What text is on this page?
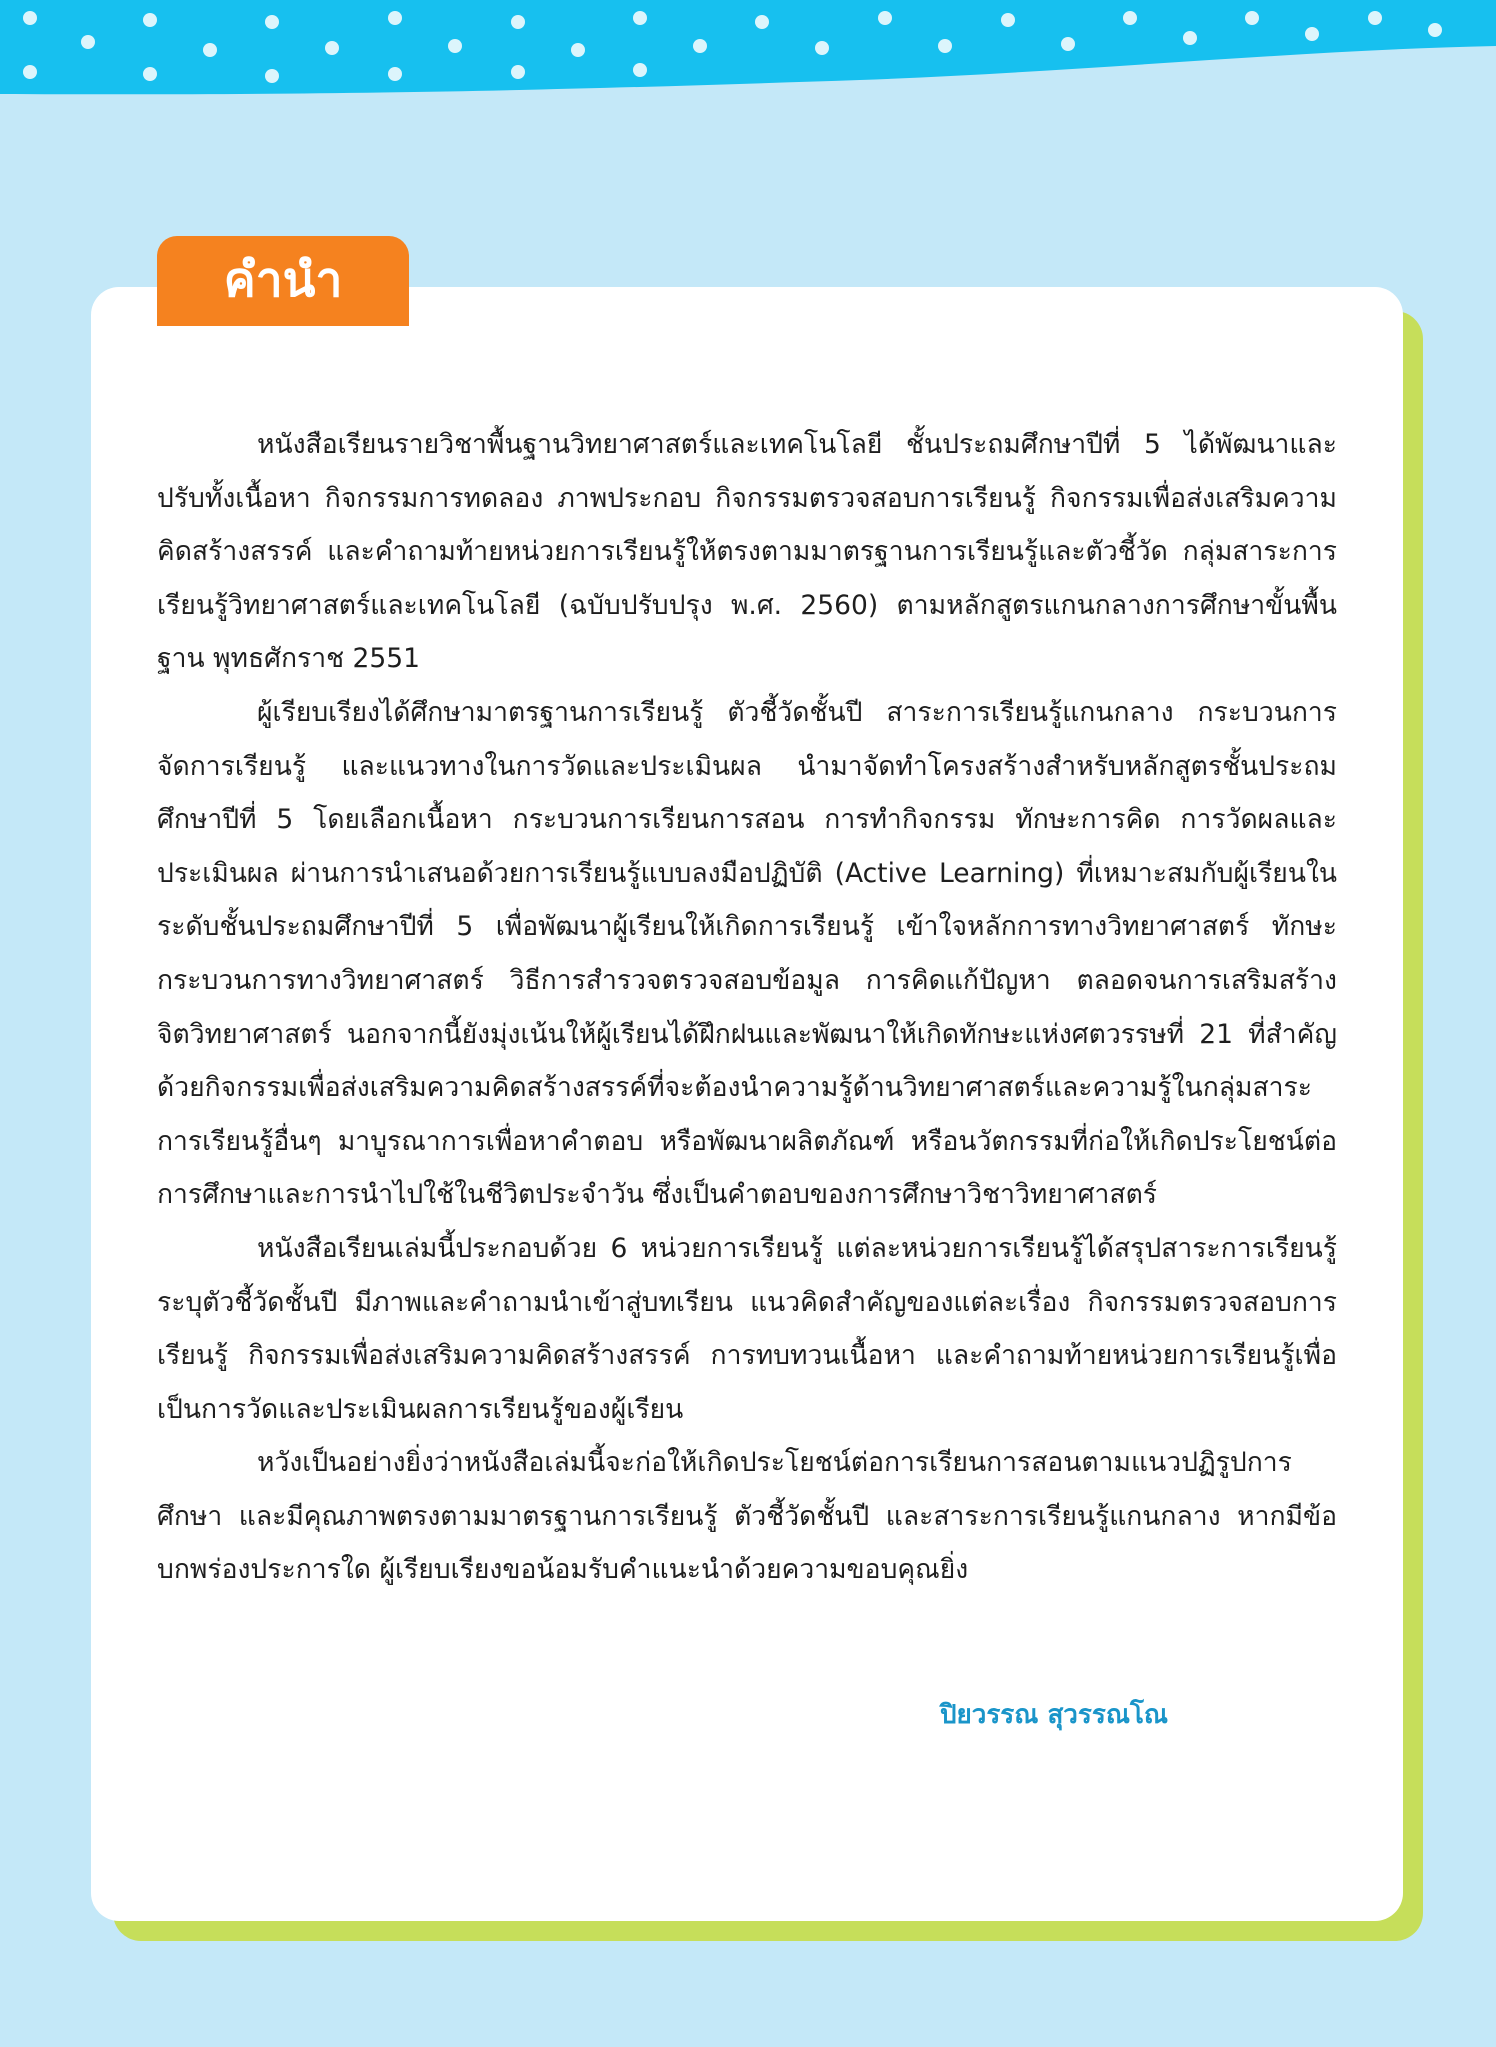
คำนำ

หนังสือเรียนรายวิชาพื้นฐานวิทยาศาสตร์และเทคโนโลยี ชั้นประถมศึกษาปีที่ 5 ได้พัฒนาและปรับทั้งเนื้อหา กิจกรรมการทดลอง ภาพประกอบ กิจกรรมตรวจสอบการเรียนรู้ กิจกรรมเพื่อส่งเสริมความคิดสร้างสรรค์ และคำถามท้ายหน่วยการเรียนรู้ให้ตรงตามมาตรฐานการเรียนรู้และตัวชี้วัด กลุ่มสาระการเรียนรู้วิทยาศาสตร์และเทคโนโลยี (ฉบับปรับปรุง พ.ศ. 2560) ตามหลักสูตรแกนกลางการศึกษาขั้นพื้นฐาน พุทธศักราช 2551

ผู้เรียบเรียงได้ศึกษามาตรฐานการเรียนรู้ ตัวชี้วัดชั้นปี สาระการเรียนรู้แกนกลาง กระบวนการจัดการเรียนรู้ และแนวทางในการวัดและประเมินผล นำมาจัดทำโครงสร้างสำหรับหลักสูตรชั้นประถมศึกษาปีที่ 5 โดยเลือกเนื้อหา กระบวนการเรียนการสอน การทำกิจกรรม ทักษะการคิด การวัดผลและประเมินผล ผ่านการนำเสนอด้วยการเรียนรู้แบบลงมือปฏิบัติ (Active Learning) ที่เหมาะสมกับผู้เรียนในระดับชั้นประถมศึกษาปีที่ 5 เพื่อพัฒนาผู้เรียนให้เกิดการเรียนรู้ เข้าใจหลักการทางวิทยาศาสตร์ ทักษะกระบวนการทางวิทยาศาสตร์ วิธีการสำรวจตรวจสอบข้อมูล การคิดแก้ปัญหา ตลอดจนการเสริมสร้างจิตวิทยาศาสตร์ นอกจากนี้ยังมุ่งเน้นให้ผู้เรียนได้ฝึกฝนและพัฒนาให้เกิดทักษะแห่งศตวรรษที่ 21 ที่สำคัญ ด้วยกิจกรรมเพื่อส่งเสริมความคิดสร้างสรรค์ที่จะต้องนำความรู้ด้านวิทยาศาสตร์และความรู้ในกลุ่มสาระการเรียนรู้อื่นๆ มาบูรณาการเพื่อหาคำตอบ หรือพัฒนาผลิตภัณฑ์ หรือนวัตกรรมที่ก่อให้เกิดประโยชน์ต่อการศึกษาและการนำไปใช้ในชีวิตประจำวัน ซึ่งเป็นคำตอบของการศึกษาวิชาวิทยาศาสตร์

หนังสือเรียนเล่มนี้ประกอบด้วย 6 หน่วยการเรียนรู้ แต่ละหน่วยการเรียนรู้ได้สรุปสาระการเรียนรู้ ระบุตัวชี้วัดชั้นปี มีภาพและคำถามนำเข้าสู่บทเรียน แนวคิดสำคัญของแต่ละเรื่อง กิจกรรมตรวจสอบการเรียนรู้ กิจกรรมเพื่อส่งเสริมความคิดสร้างสรรค์ การทบทวนเนื้อหา และคำถามท้ายหน่วยการเรียนรู้เพื่อเป็นการวัดและประเมินผลการเรียนรู้ของผู้เรียน

หวังเป็นอย่างยิ่งว่าหนังสือเล่มนี้จะก่อให้เกิดประโยชน์ต่อการเรียนการสอนตามแนวปฏิรูปการศึกษา และมีคุณภาพตรงตามมาตรฐานการเรียนรู้ ตัวชี้วัดชั้นปี และสาระการเรียนรู้แกนกลาง หากมีข้อบกพร่องประการใด ผู้เรียบเรียงขอน้อมรับคำแนะนำด้วยความขอบคุณยิ่ง

ปิยวรรณ สุวรรณโณ
